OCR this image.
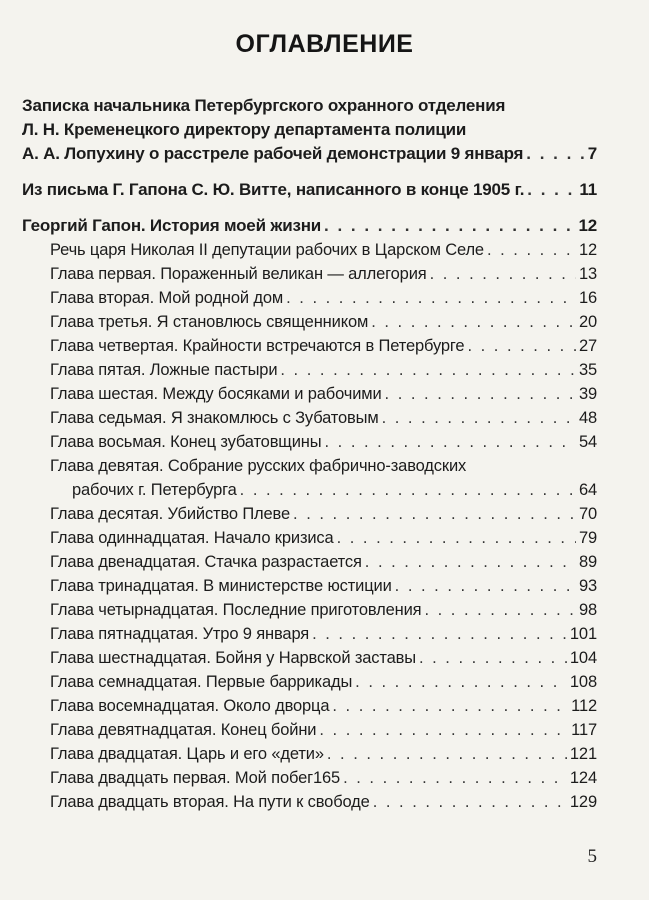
ОГЛАВЛЕНИЕ
Записка начальника Петербургского охранного отделения
Л. Н. Кременецкого директору департамента полиции
А. А. Лопухину о расстреле рабочей демонстрации 9 января . . .	7
Из письма Г. Гапона С. Ю. Витте, написанного в конце 1905 г. . . .	11
Георгий Гапон. История моей жизни . . .	12
Речь царя Николая II депутации рабочих в Царском Селе . . .	12
Глава первая. Пораженный великан — аллегория . . .	13
Глава вторая. Мой родной дом . . .	16
Глава третья. Я становлюсь священником . . .	20
Глава четвертая. Крайности встречаются в Петербурге . . .	27
Глава пятая. Ложные пастыри . . .	35
Глава шестая. Между босяками и рабочими . . .	39
Глава седьмая. Я знакомлюсь с Зубатовым . . .	48
Глава восьмая. Конец зубатовщины . . .	54
Глава девятая. Собрание русских фабрично-заводских
рабочих г. Петербурга . . .	64
Глава десятая. Убийство Плеве . . .	70
Глава одиннадцатая. Начало кризиса . . .	79
Глава двенадцатая. Стачка разрастается . . .	89
Глава тринадцатая. В министерстве юстиции . . .	93
Глава четырнадцатая. Последние приготовления . . .	98
Глава пятнадцатая. Утро 9 января . . .	101
Глава шестнадцатая. Бойня у Нарвской заставы . . .	104
Глава семнадцатая. Первые баррикады . . .	108
Глава восемнадцатая. Около дворца . . .	112
Глава девятнадцатая. Конец бойни . . .	117
Глава двадцатая. Царь и его «дети» . . .	121
Глава двадцать первая. Мой побег165 . . .	124
Глава двадцать вторая. На пути к свободе . . .	129
5
